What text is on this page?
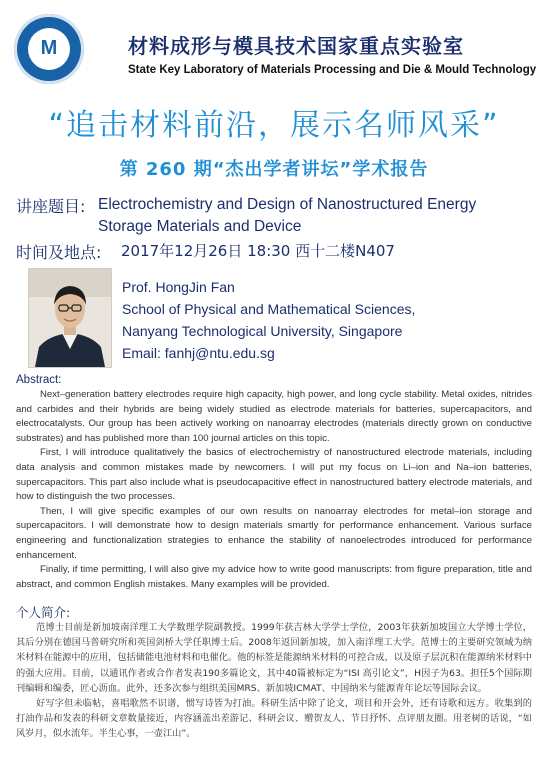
M	材料成形与模具技术国家重点实验室
State Key Laboratory of Materials Processing and Die & Mould Technology
“追击材料前沿，展示名师风采”
第 260 期“杰出学者讲坛”学术报告
讲座题目: Electrochemistry and Design of Nanostructured Energy Storage Materials and Device
时间及地点: 2017年12月26日 18:30 西十二楼N407
Prof. HongJin Fan
School of Physical and Mathematical Sciences,
Nanyang Technological University, Singapore
Email: fanhj@ntu.edu.sg
Abstract:

Next–generation battery electrodes require high capacity, high power, and long cycle stability. Metal oxides, nitrides and carbides and their hybrids are being widely studied as electrode materials for batteries, supercapacitors, and electrocatalysts. Our group has been actively working on nanoarray electrodes (materials directly grown on conductive substrates) and has published more than 100 journal articles on this topic.

First, I will introduce qualitatively the basics of electrochemistry of nanostructured electrode materials, including data analysis and common mistakes made by newcomers. I will put my focus on Li–ion and Na–ion batteries, supercapacitors. This part also include what is pseudocapacitive effect in nanostructured battery electrode materials, and how to distinguish the two processes.

Then, I will give specific examples of our own results on nanoarray electrodes for metal–ion storage and supercapacitors. I will demonstrate how to design materials smartly for performance enhancement. Various surface engineering and functionalization strategies to enhance the stability of nanoelectrodes introduced for performance enhancement.

Finally, if time permitting, I will also give my advice how to write good manuscripts: from figure preparation, title and abstract, and common English mistakes. Many examples will be provided.

个人简介:

范博士目前是新加坡南洋理工大学数理学院副教授。1999年获吉林大学学士学位，2003年获新加坡国立大学博士学位，其后分别在德国马普研究所和英国剑桥大学任职博士后。2008年返回新加坡，加入南洋理工大学。范博士的主要研究领域为纳米材料在能源中的应用，包括储能电池材料和电催化。他的标签是能源纳米材料的可控合成，以及原子层沉积在能源纳米材料中的强大应用。目前，以通讯作者或合作者发表190多篇论文，其中40篇被标定为“ISI 高引论文”，H因子为63。担任5个国际期刊编辑和编委，匠心沥血。此外，还多次参与组织美国MRS、新加坡ICMAT、中国纳米与能源青年论坛等国际会议。

好写字但未临帖，喜唱歌然不识谱，惯写诗皆为打油。科研生活中除了论文，项目和开会外，还有诗歌和远方。收集到的打油作品和发表的科研文章数量接近，内容涵盖出差游记、科研会议、赠贺友人、节日抒怀、点评朋友圈。用老树的话说，“如风岁月，似水流年。半生心事，一壶江山”。
